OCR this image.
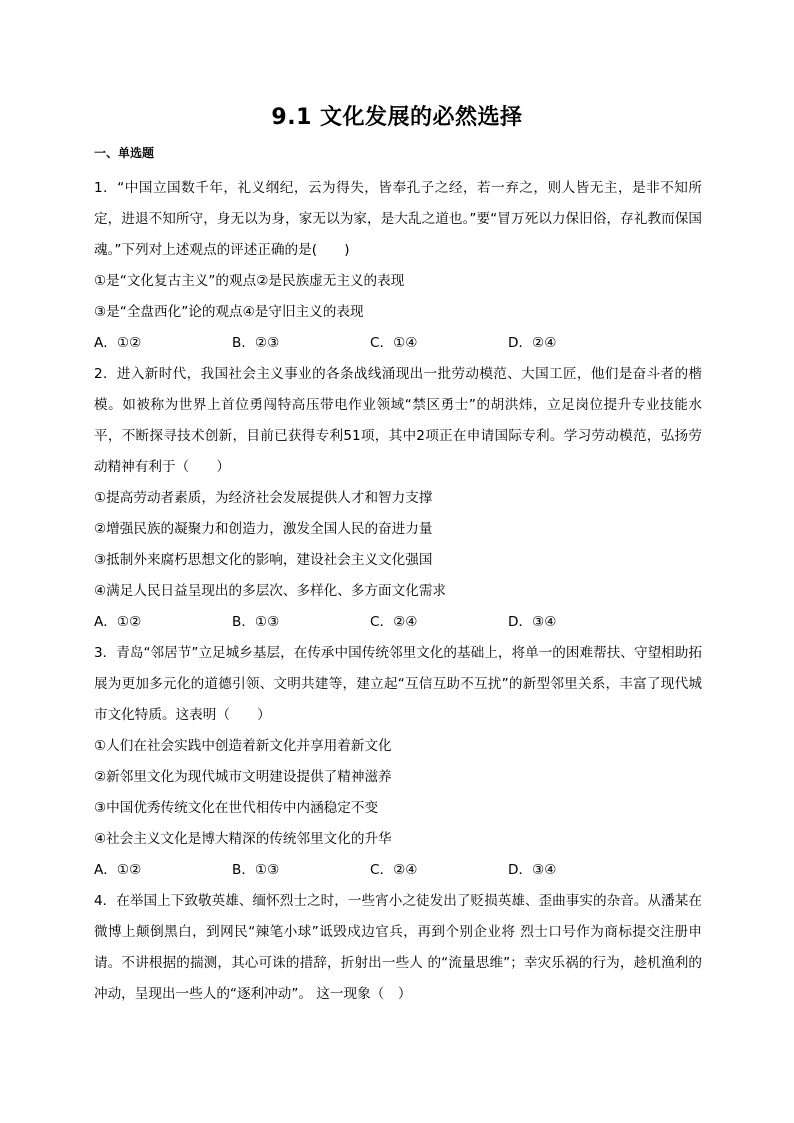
9.1 文化发展的必然选择
一、单选题

1．“中国立国数千年，礼义纲纪，云为得失，皆奉孔子之经，若一弃之，则人皆无主，是非不知所定，进退不知所守，身无以为身，家无以为家，是大乱之道也。”要“冒万死以力保旧俗，存礼教而保国魂。”下列对上述观点的评述正确的是(　　)

①是“文化复古主义”的观点②是民族虚无主义的表现

③是“全盘西化”论的观点④是守旧主义的表现

A．①②	B．②③	C．①④	D．②④

2．进入新时代，我国社会主义事业的各条战线涌现出一批劳动模范、大国工匠，他们是奋斗者的楷模。如被称为世界上首位勇闯特高压带电作业领域“禁区勇士”的胡洪炜，立足岗位提升专业技能水平，不断探寻技术创新，目前已获得专利51项，其中2项正在申请国际专利。学习劳动模范，弘扬劳动精神有利于（　　）

①提高劳动者素质，为经济社会发展提供人才和智力支撑

②增强民族的凝聚力和创造力，激发全国人民的奋进力量

③抵制外来腐朽思想文化的影响，建设社会主义文化强国

④满足人民日益呈现出的多层次、多样化、多方面文化需求

A．①②	B．①③	C．②④	D．③④

3．青岛“邻居节”立足城乡基层，在传承中国传统邻里文化的基础上，将单一的困难帮扶、守望相助拓展为更加多元化的道德引领、文明共建等，建立起“互信互助不互扰”的新型邻里关系，丰富了现代城市文化特质。这表明（　　）

①人们在社会实践中创造着新文化并享用着新文化

②新邻里文化为现代城市文明建设提供了精神滋养

③中国优秀传统文化在世代相传中内涵稳定不变

④社会主义文化是博大精深的传统邻里文化的升华

A．①②	B．①③	C．②④	D．③④

4．在举国上下致敬英雄、缅怀烈士之时，一些宵小之徒发出了贬损英雄、歪曲事实的杂音。从潘某在微博上颠倒黑白，到网民“辣笔小球”诋毁戍边官兵，再到个别企业将 烈士口号作为商标提交注册申请。不讲根据的揣测，其心可诛的措辞，折射出一些人 的“流量思维”；幸灾乐祸的行为，趁机渔利的冲动，呈现出一些人的“逐利冲动”。 这一现象（　）
